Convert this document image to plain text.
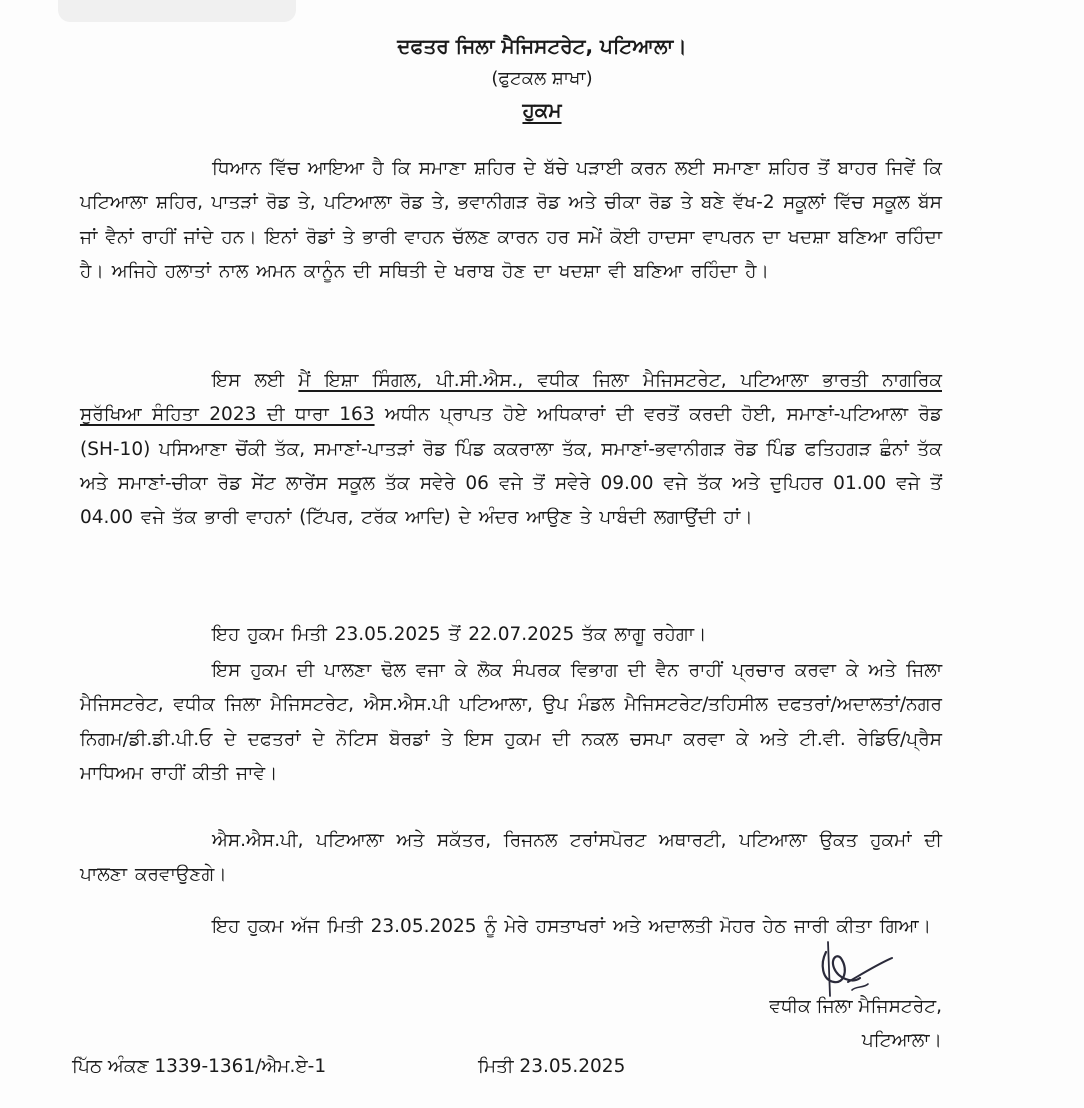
ਦਫਤਰ ਜਿਲਾ ਮੈਜਿਸਟਰੇਟ, ਪਟਿਆਲਾ।
(ਫੁਟਕਲ ਸ਼ਾਖਾ)
ਹੁਕਮ
ਧਿਆਨ ਵਿੱਚ ਆਇਆ ਹੈ ਕਿ ਸਮਾਣਾ ਸ਼ਹਿਰ ਦੇ ਬੱਚੇ ਪੜਾਈ ਕਰਨ ਲਈ ਸਮਾਣਾ ਸ਼ਹਿਰ ਤੋਂ ਬਾਹਰ ਜਿਵੇਂ ਕਿ ਪਟਿਆਲਾ ਸ਼ਹਿਰ, ਪਾਤੜਾਂ ਰੋਡ ਤੇ, ਪਟਿਆਲਾ ਰੋਡ ਤੇ, ਭਵਾਨੀਗੜ ਰੋਡ ਅਤੇ ਚੀਕਾ ਰੋਡ ਤੇ ਬਣੇ ਵੱਖ-2 ਸਕੂਲਾਂ ਵਿੱਚ ਸਕੂਲ ਬੱਸ ਜਾਂ ਵੈਨਾਂ ਰਾਹੀਂ ਜਾਂਦੇ ਹਨ। ਇਨਾਂ ਰੋਡਾਂ ਤੇ ਭਾਰੀ ਵਾਹਨ ਚੱਲਣ ਕਾਰਨ ਹਰ ਸਮੇਂ ਕੋਈ ਹਾਦਸਾ ਵਾਪਰਨ ਦਾ ਖਦਸ਼ਾ ਬਣਿਆ ਰਹਿੰਦਾ ਹੈ। ਅਜਿਹੇ ਹਲਾਤਾਂ ਨਾਲ ਅਮਨ ਕਾਨੂੰਨ ਦੀ ਸਥਿਤੀ ਦੇ ਖਰਾਬ ਹੋਣ ਦਾ ਖਦਸ਼ਾ ਵੀ ਬਣਿਆ ਰਹਿੰਦਾ ਹੈ।
ਇਸ ਲਈ ਮੈਂ ਇਸ਼ਾ ਸਿੰਗਲ, ਪੀ.ਸੀ.ਐਸ., ਵਧੀਕ ਜਿਲਾ ਮੈਜਿਸਟਰੇਟ, ਪਟਿਆਲਾ ਭਾਰਤੀ ਨਾਗਰਿਕ ਸੁਰੱਖਿਆ ਸੰਹਿਤਾ 2023 ਦੀ ਧਾਰਾ 163 ਅਧੀਨ ਪ੍ਰਾਪਤ ਹੋਏ ਅਧਿਕਾਰਾਂ ਦੀ ਵਰਤੋਂ ਕਰਦੀ ਹੋਈ, ਸਮਾਣਾਂ-ਪਟਿਆਲਾ ਰੋਡ (SH-10) ਪਸਿਆਣਾ ਚੋਂਕੀ ਤੱਕ, ਸਮਾਣਾਂ-ਪਾਤੜਾਂ ਰੋਡ ਪਿੰਡ ਕਕਰਾਲਾ ਤੱਕ, ਸਮਾਣਾਂ-ਭਵਾਨੀਗੜ ਰੋਡ ਪਿੰਡ ਫਤਿਹਗੜ ਛੰਨਾਂ ਤੱਕ ਅਤੇ ਸਮਾਣਾਂ-ਚੀਕਾ ਰੋਡ ਸੇਂਟ ਲਾਰੇਂਸ ਸਕੂਲ ਤੱਕ ਸਵੇਰੇ 06 ਵਜੇ ਤੋਂ ਸਵੇਰੇ 09.00 ਵਜੇ ਤੱਕ ਅਤੇ ਦੁਪਿਹਰ 01.00 ਵਜੇ ਤੋਂ 04.00 ਵਜੇ ਤੱਕ ਭਾਰੀ ਵਾਹਨਾਂ (ਟਿੱਪਰ, ਟਰੱਕ ਆਦਿ) ਦੇ ਅੰਦਰ ਆਉਣ ਤੇ ਪਾਬੰਦੀ ਲਗਾਉਂਦੀ ਹਾਂ।
ਇਹ ਹੁਕਮ ਮਿਤੀ 23.05.2025 ਤੋਂ 22.07.2025 ਤੱਕ ਲਾਗੂ ਰਹੇਗਾ।
ਇਸ ਹੁਕਮ ਦੀ ਪਾਲਣਾ ਢੋਲ ਵਜਾ ਕੇ ਲੋਕ ਸੰਪਰਕ ਵਿਭਾਗ ਦੀ ਵੈਨ ਰਾਹੀਂ ਪ੍ਰਚਾਰ ਕਰਵਾ ਕੇ ਅਤੇ ਜਿਲਾ ਮੈਜਿਸਟਰੇਟ, ਵਧੀਕ ਜਿਲਾ ਮੈਜਿਸਟਰੇਟ, ਐਸ.ਐਸ.ਪੀ ਪਟਿਆਲਾ, ਉਪ ਮੰਡਲ ਮੈਜਿਸਟਰੇਟ/ਤਹਿਸੀਲ ਦਫਤਰਾਂ/ਅਦਾਲਤਾਂ/ਨਗਰ ਨਿਗਮ/ਡੀ.ਡੀ.ਪੀ.ਓ ਦੇ ਦਫਤਰਾਂ ਦੇ ਨੋਟਿਸ ਬੋਰਡਾਂ ਤੇ ਇਸ ਹੁਕਮ ਦੀ ਨਕਲ ਚਸਪਾ ਕਰਵਾ ਕੇ ਅਤੇ ਟੀ.ਵੀ. ਰੇਡਿਓ/ਪ੍ਰੈਸ ਮਾਧਿਅਮ ਰਾਹੀਂ ਕੀਤੀ ਜਾਵੇ।
ਐਸ.ਐਸ.ਪੀ, ਪਟਿਆਲਾ ਅਤੇ ਸਕੱਤਰ, ਰਿਜਨਲ ਟਰਾਂਸਪੋਰਟ ਅਥਾਰਟੀ, ਪਟਿਆਲਾ ਉਕਤ ਹੁਕਮਾਂ ਦੀ ਪਾਲਣਾ ਕਰਵਾਉਣਗੇ।
ਇਹ ਹੁਕਮ ਅੱਜ ਮਿਤੀ 23.05.2025 ਨੂੰ ਮੇਰੇ ਹਸਤਾਖਰਾਂ ਅਤੇ ਅਦਾਲਤੀ ਮੋਹਰ ਹੇਠ ਜਾਰੀ ਕੀਤਾ ਗਿਆ।
ਵਧੀਕ ਜਿਲਾ ਮੈਜਿਸਟਰੇਟ,
ਪਟਿਆਲਾ।
ਪਿੱਠ ਅੰਕਣ 1339-1361/ਐਮ.ਏ-1	ਮਿਤੀ 23.05.2025
